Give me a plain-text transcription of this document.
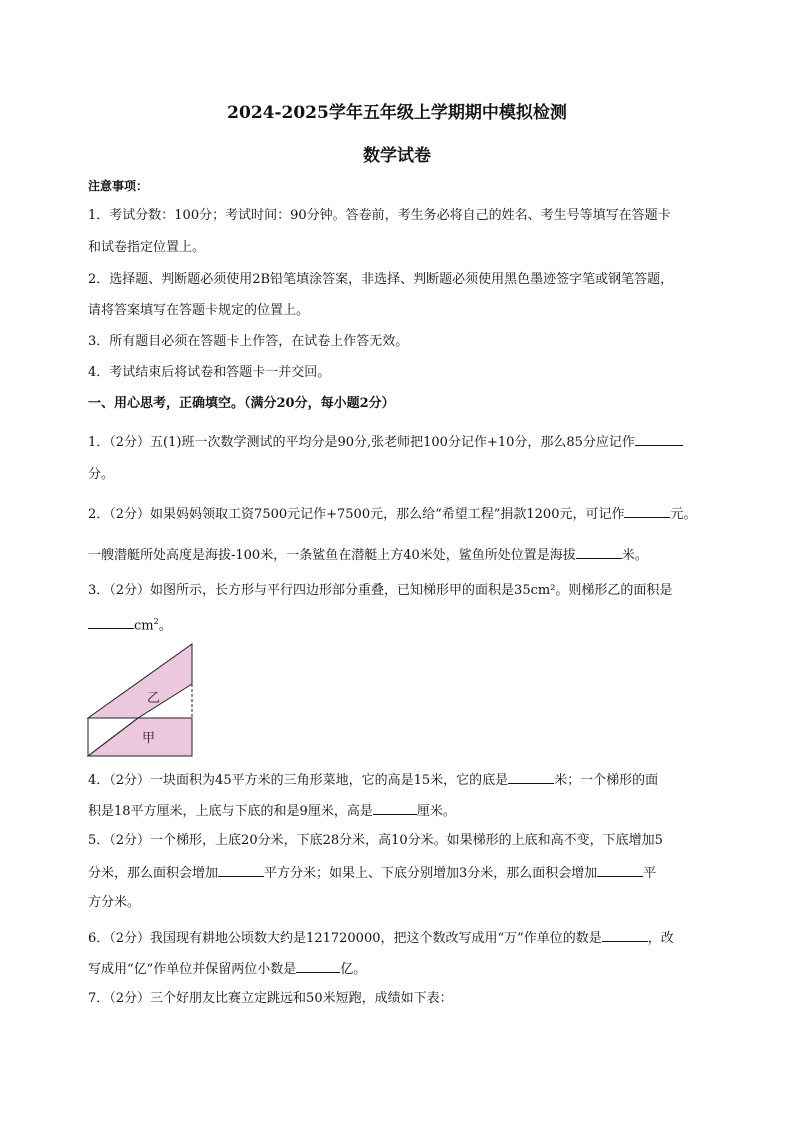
2024-2025学年五年级上学期期中模拟检测
数学试卷
注意事项：
1．考试分数：100分；考试时间：90分钟。答卷前，考生务必将自己的姓名、考生号等填写在答题卡
和试卷指定位置上。
2．选择题、判断题必须使用2B铅笔填涂答案，非选择、判断题必须使用黑色墨迹签字笔或钢笔答题，
请将答案填写在答题卡规定的位置上。
3．所有题目必须在答题卡上作答，在试卷上作答无效。
4．考试结束后将试卷和答题卡一并交回。
一、用心思考，正确填空。（满分20分，每小题2分）
1．（2分）五(1)班一次数学测试的平均分是90分,张老师把100分记作+10分，那么85分应记作
分。
2．（2分）如果妈妈领取工资7500元记作+7500元，那么给“希望工程”捐款1200元，可记作	元。
一艘潜艇所处高度是海拔-100米，一条鲨鱼在潜艇上方40米处，鲨鱼所处位置是海拔	米。
3．（2分）如图所示，长方形与平行四边形部分重叠，已知梯形甲的面积是35cm²。则梯形乙的面积是
$cm^2$。
乙
甲
4．（2分）一块面积为45平方米的三角形菜地，它的高是15米，它的底是	米；一个梯形的面
积是18平方厘米，上底与下底的和是9厘米，高是	厘米。
5．（2分）一个梯形，上底20分米，下底28分米，高10分米。如果梯形的上底和高不变，下底增加5
分米，那么面积会增加	平方分米；如果上、下底分别增加3分米，那么面积会增加	平
方分米。
6．（2分）我国现有耕地公顷数大约是121720000，把这个数改写成用“万”作单位的数是	，改
写成用“亿”作单位并保留两位小数是	亿。
7．（2分）三个好朋友比赛立定跳远和50米短跑，成绩如下表：
